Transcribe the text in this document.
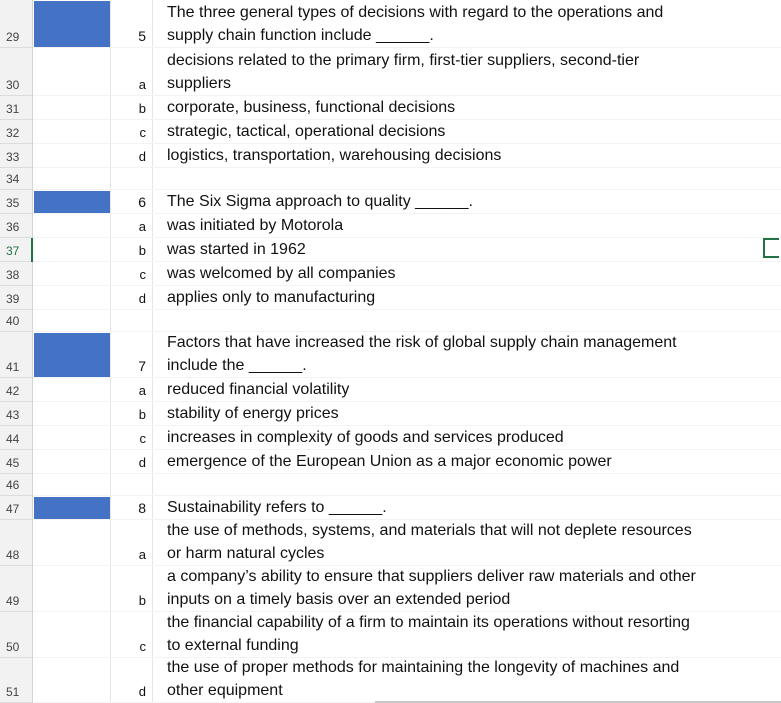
29
30
31
32
33
34
35
36
37
38
39
40
41
42
43
44
45
46
47
48
49
50
51
5
The three general types of decisions with regard to the operations and
supply chain function include ______.
a
decisions related to the primary firm, first-tier suppliers, second-tier
suppliers
b corporate, business, functional decisions
c strategic, tactical, operational decisions
d logistics, transportation, warehousing decisions
6 The Six Sigma approach to quality ______.
a was initiated by Motorola
b was started in 1962
c was welcomed by all companies
d applies only to manufacturing
7
Factors that have increased the risk of global supply chain management
include the ______.
a reduced financial volatility
b stability of energy prices
c increases in complexity of goods and services produced
d emergence of the European Union as a major economic power
8 Sustainability refers to ______.
a
the use of methods, systems, and materials that will not deplete resources
or harm natural cycles
b
a company’s ability to ensure that suppliers deliver raw materials and other
inputs on a timely basis over an extended period
c
the financial capability of a firm to maintain its operations without resorting
to external funding
d
the use of proper methods for maintaining the longevity of machines and
other equipment
